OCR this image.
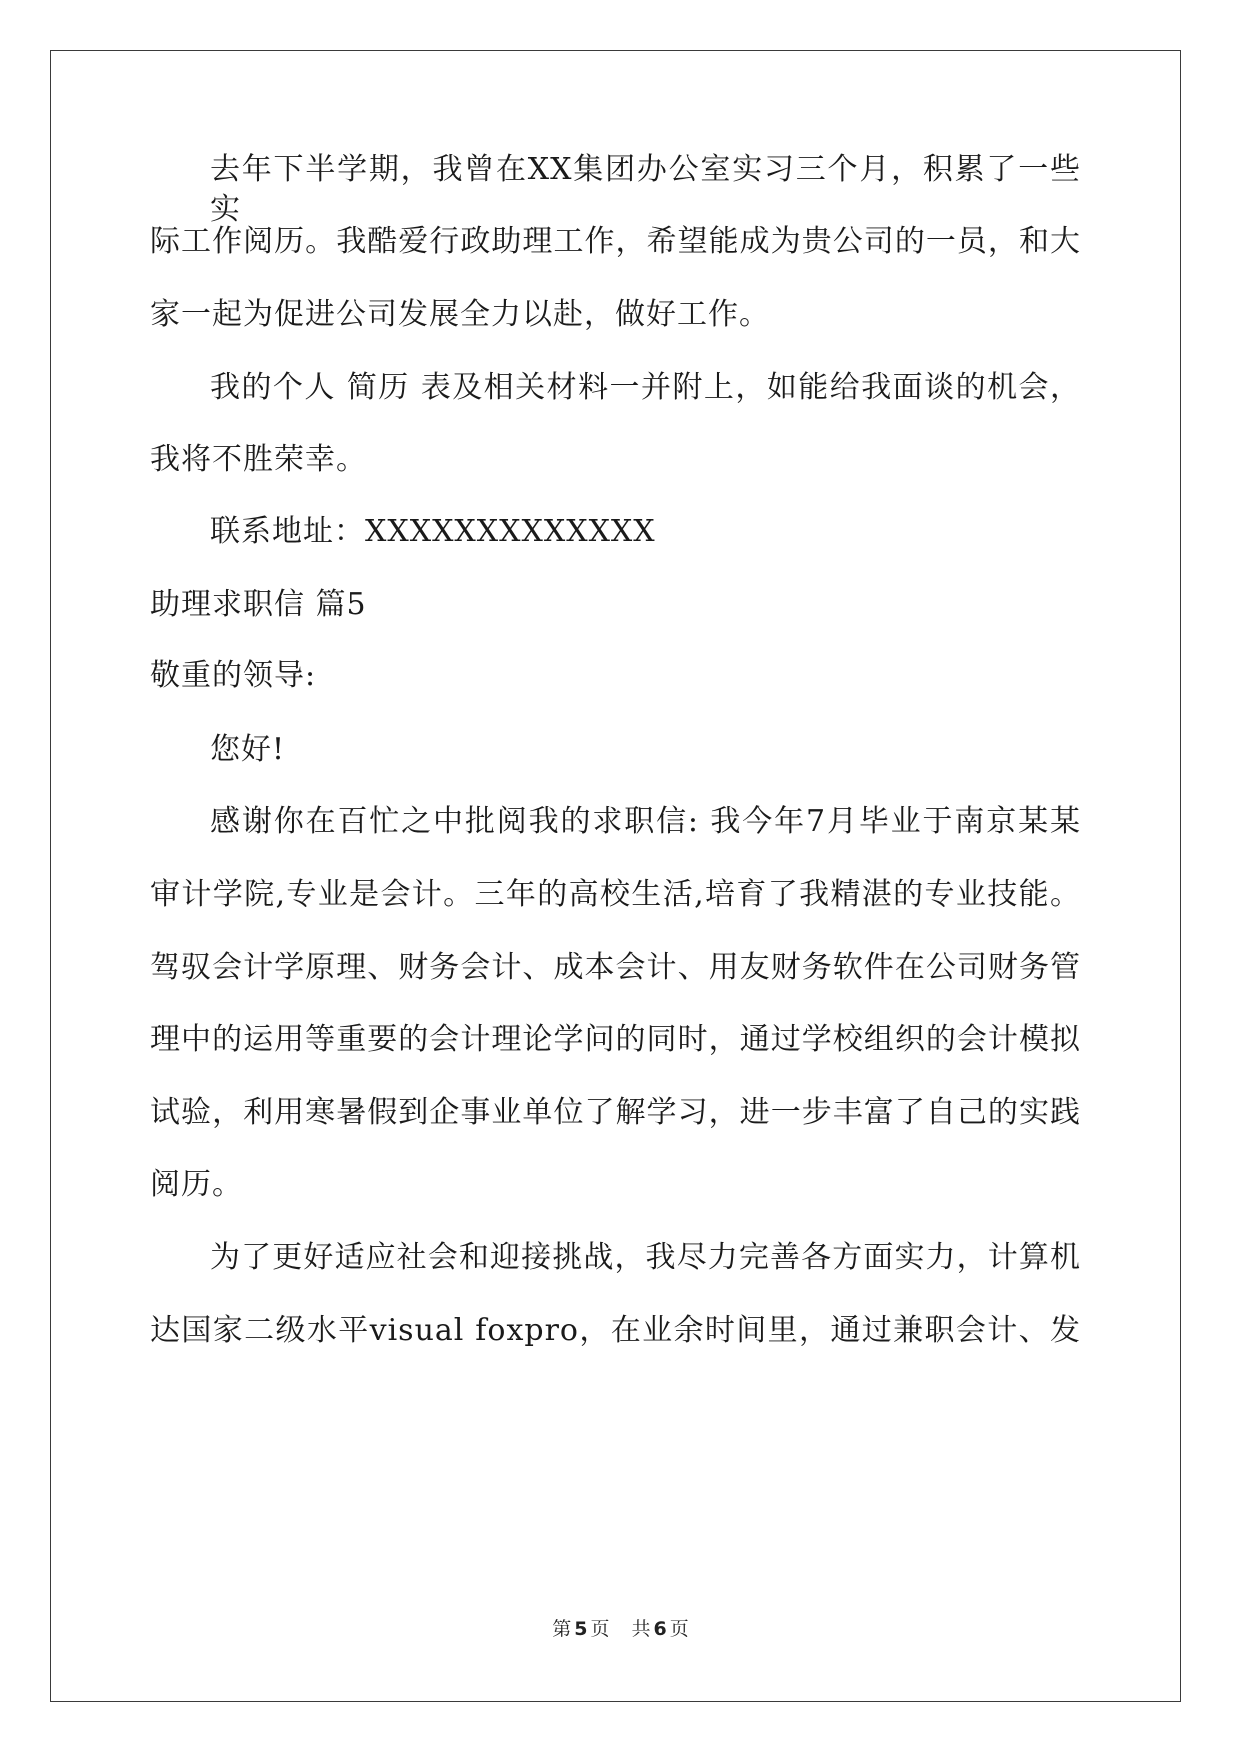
去年下半学期，我曾在XX集团办公室实习三个月，积累了一些实
际工作阅历。我酷爱行政助理工作，希望能成为贵公司的一员，和大
家一起为促进公司发展全力以赴，做好工作。
我的个人 简历 表及相关材料一并附上，如能给我面谈的机会，
我将不胜荣幸。
联系地址：XXXXXXXXXXXXX
助理求职信 篇5
敬重的领导:
您好!
感谢你在百忙之中批阅我的求职信: 我今年7月毕业于南京某某
审计学院,专业是会计。三年的高校生活,培育了我精湛的专业技能。
驾驭会计学原理、财务会计、成本会计、用友财务软件在公司财务管
理中的运用等重要的会计理论学问的同时，通过学校组织的会计模拟
试验，利用寒暑假到企事业单位了解学习，进一步丰富了自己的实践
阅历。
为了更好适应社会和迎接挑战，我尽力完善各方面实力，计算机
达国家二级水平visual foxpro，在业余时间里，通过兼职会计、发
第 5 页 共 6 页
